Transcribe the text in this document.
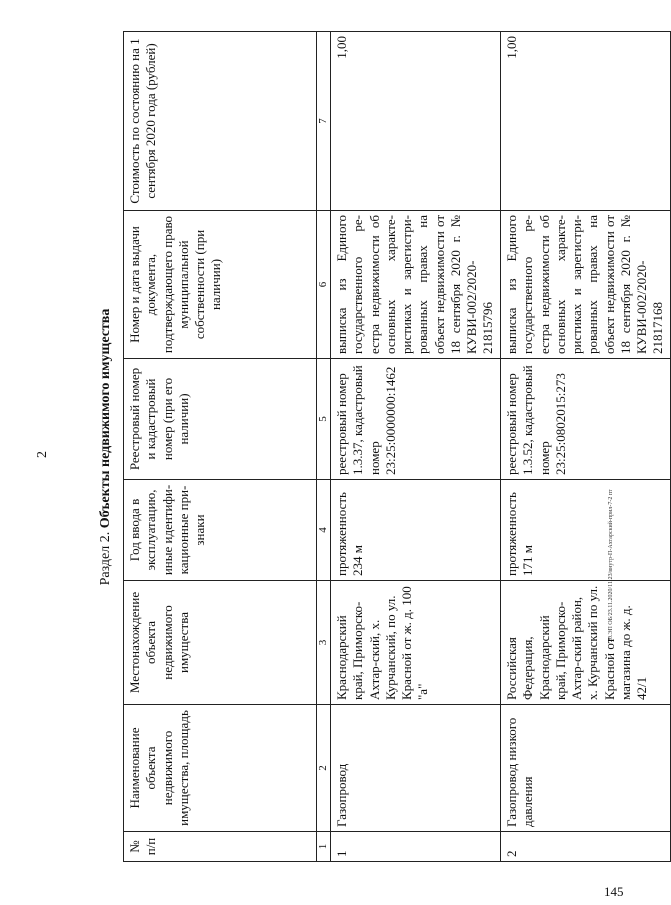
2
145
20.ЭП ОБ/23.11.2020/11:23/внутр-П-Ахтарский-прил-7-2 пт
Раздел 2. Объекты недвижимого имущества
№ п/п	Наименование объекта недвижимого имущества, площадь	Местонахождение объекта недвижимого имущества	Год ввода в эксплуатацию, иные идентифи-кационные при-знаки	Реестровый номер и кадастровый номер (при его наличии)	Номер и дата выдачи документа, подтверждающего право муниципальной собственности (при наличии)	Стоимость по состоянию на 1 сентября 2020 года (рублей)
1	2	3	4	5	6	7
1	Газопровод	Краснодарский край, Приморско-Ахтар-ский, х. Курчанский, по ул. Красной от ж. д. 100 "а"	протяженность 234 м	реестровый номер 1.3.37, кадастровый номер 23:25:0000000:1462	выписка из Единого государственного ре-естра недвижимости об основных характе-ристиках и зарегистри-рованных правах на объект недвижимости от 18 сентября 2020 г. № КУВИ-002/2020-21815796	1,00
2	Газопровод низкого давления	Российская Федерация, Краснодарский край, Приморско-Ахтар-ский район, х. Курчанский по ул. Красной от магазина до ж. д. 42/1	протяженность 171 м	реестровый номер 1.3.52, кадастровый номер 23:25:0802015:273	выписка из Единого государственного ре-естра недвижимости об основных характе-ристиках и зарегистри-рованных правах на объект недвижимости от 18 сентября 2020 г. № КУВИ-002/2020-21817168	1,00
